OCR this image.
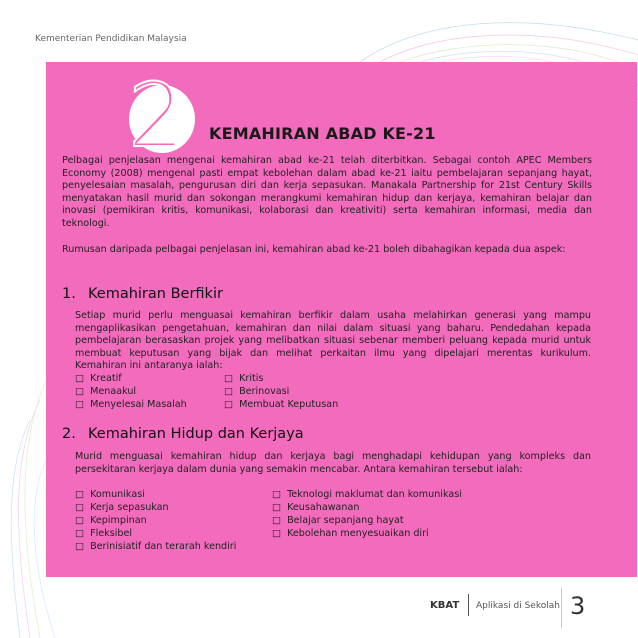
Kementerian Pendidikan Malaysia
2 KEMAHIRAN ABAD KE-21
Pelbagai penjelasan mengenai kemahiran abad ke-21 telah diterbitkan. Sebagai contoh APEC Members Economy (2008) mengenal pasti empat kebolehan dalam abad ke-21 iaitu pembelajaran sepanjang hayat, penyelesaian masalah, pengurusan diri dan kerja sepasukan. Manakala Partnership for 21st Century Skills menyatakan hasil murid dan sokongan merangkumi kemahiran hidup dan kerjaya, kemahiran belajar dan inovasi (pemikiran kritis, komunikasi, kolaborasi dan kreativiti) serta kemahiran informasi, media dan teknologi.
Rumusan daripada pelbagai penjelasan ini, kemahiran abad ke-21 boleh dibahagikan kepada dua aspek:
1. Kemahiran Berfikir
Setiap murid perlu menguasai kemahiran berfikir dalam usaha melahirkan generasi yang mampu mengaplikasikan pengetahuan, kemahiran dan nilai dalam situasi yang baharu. Pendedahan kepada pembelajaran berasaskan projek yang melibatkan situasi sebenar memberi peluang kepada murid untuk membuat keputusan yang bijak dan melihat perkaitan ilmu yang dipelajari merentas kurikulum. Kemahiran ini antaranya ialah:
□ Kreatif
□ Menaakul
□ Menyelesai Masalah
□ Kritis
□ Berinovasi
□ Membuat Keputusan
2. Kemahiran Hidup dan Kerjaya
Murid menguasai kemahiran hidup dan kerjaya bagi menghadapi kehidupan yang kompleks dan persekitaran kerjaya dalam dunia yang semakin mencabar. Antara kemahiran tersebut ialah:
□ Komunikasi
□ Kerja sepasukan
□ Kepimpinan
□ Fleksibel
□ Berinisiatif dan terarah kendiri
□ Teknologi maklumat dan komunikasi
□ Keusahawanan
□ Belajar sepanjang hayat
□ Kebolehan menyesuaikan diri
KBAT Aplikasi di Sekolah 3
